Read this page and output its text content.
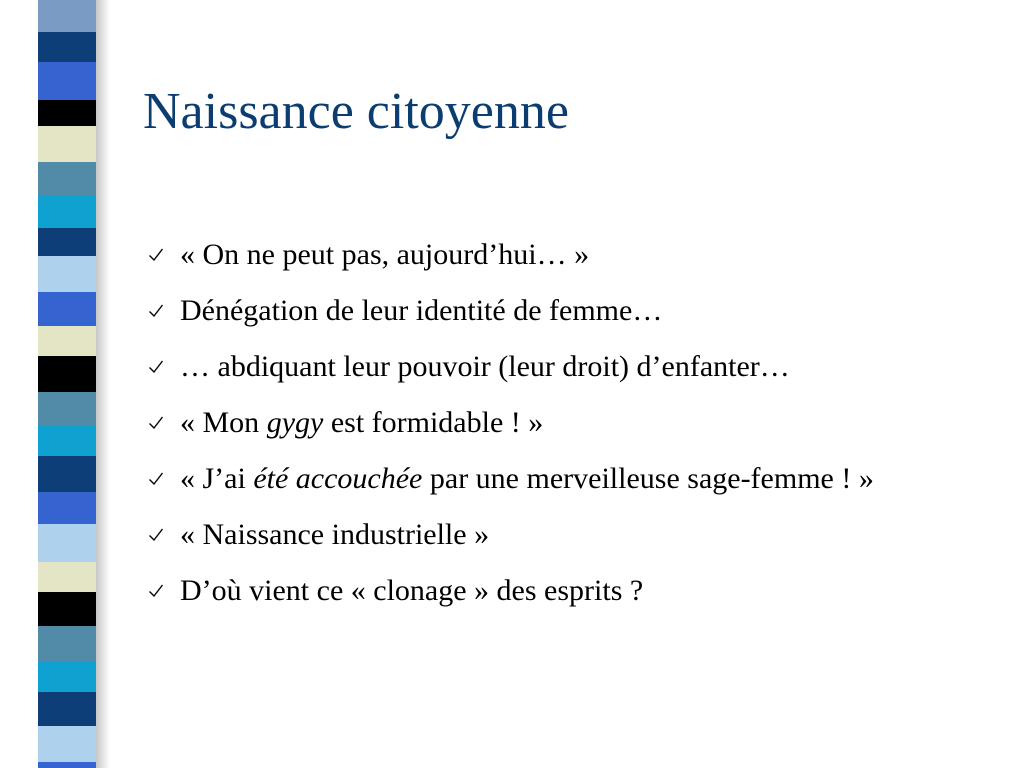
Naissance citoyenne
« On ne peut pas, aujourd’hui… »
Dénégation de leur identité de femme…
… abdiquant leur pouvoir (leur droit) d’enfanter…
« Mon gygy est formidable ! »
« J’ai été accouchée par une merveilleuse sage-femme ! »
« Naissance industrielle »
D’où vient ce « clonage » des esprits ?
